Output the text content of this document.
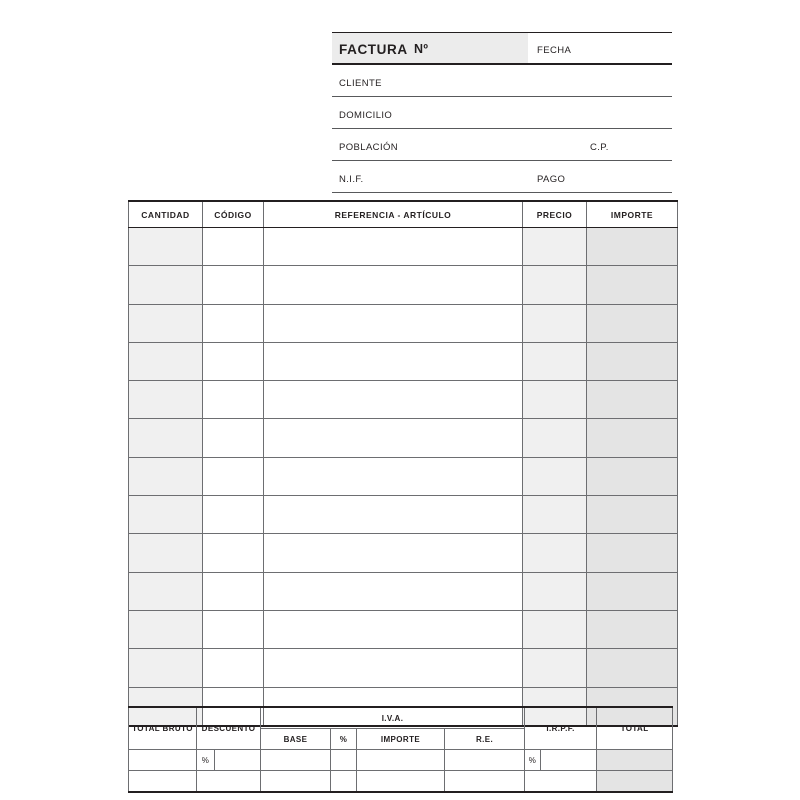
FACTURA Nº	FECHA
CLIENTE
DOMICILIO
POBLACIÓN	C.P.
N.I.F.	PAGO
CANTIDAD	CÓDIGO	REFERENCIA - ARTÍCULO	PRECIO	IMPORTE

TOTAL BRUTO	DESCUENTO		I.V.A.				I.R.P.F.		TOTAL
			BASE	%	IMPORTE	R.E.			
	%						%		
